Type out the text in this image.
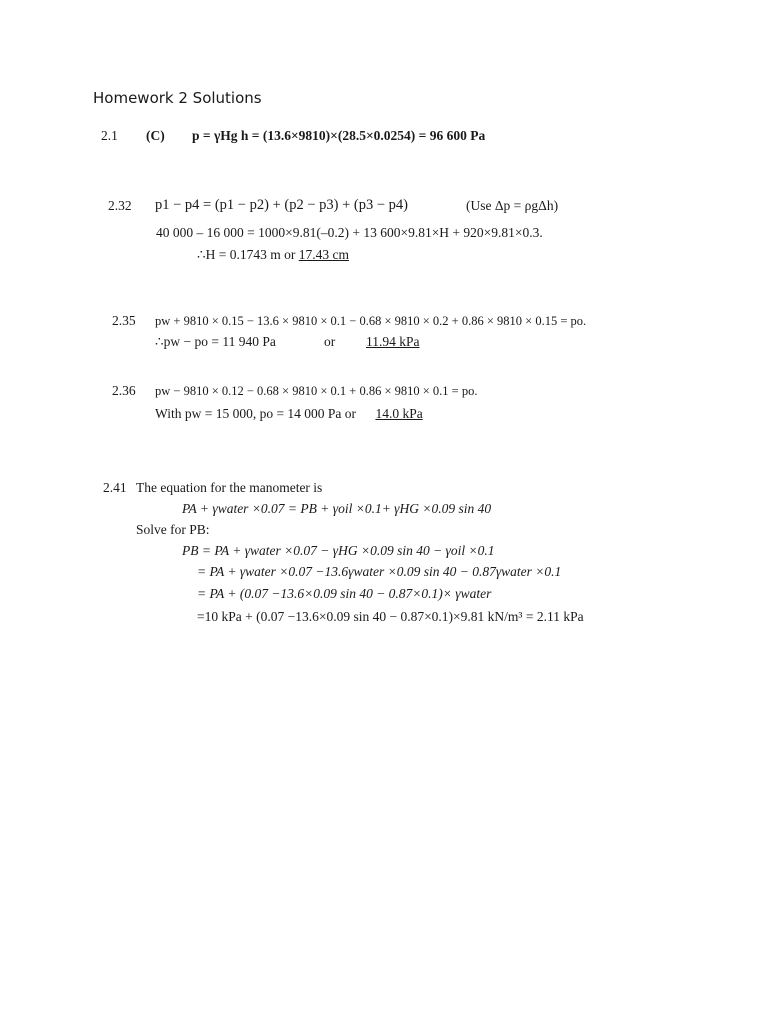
Homework 2 Solutions
2.1 (C) p = γHg h = (13.6×9810)×(28.5×0.0254) = 96 600 Pa
2.32 p1 − p4 = (p1 − p2) + (p2 − p3) + (p3 − p4)	(Use Δp = ρgΔh)
40 000 – 16 000 = 1000×9.81(–0.2) + 13 600×9.81×H + 920×9.81×0.3.
∴H = 0.1743 m or 17.43 cm
2.35 pw + 9810 × 0.15 − 13.6 × 9810 × 0.1 − 0.68 × 9810 × 0.2 + 0.86 × 9810 × 0.15 = po.
∴pw − po = 11 940 Pa	or 11.94 kPa
2.36 pw − 9810 × 0.12 − 0.68 × 9810 × 0.1 + 0.86 × 9810 × 0.1 = po.
With pw = 15 000, po = 14 000 Pa or 14.0 kPa
2.41 The equation for the manometer is
PA + γwater ×0.07 = PB + γoil ×0.1+ γHG ×0.09 sin 40
Solve for PB:
PB = PA + γwater ×0.07 − γHG ×0.09 sin 40 − γoil ×0.1
= PA + γwater ×0.07 −13.6γwater ×0.09 sin 40 − 0.87γwater ×0.1
= PA + (0.07 −13.6×0.09 sin 40 − 0.87×0.1)× γwater
=10 kPa + (0.07 −13.6×0.09 sin 40 − 0.87×0.1)×9.81 kN/m³ = 2.11 kPa
